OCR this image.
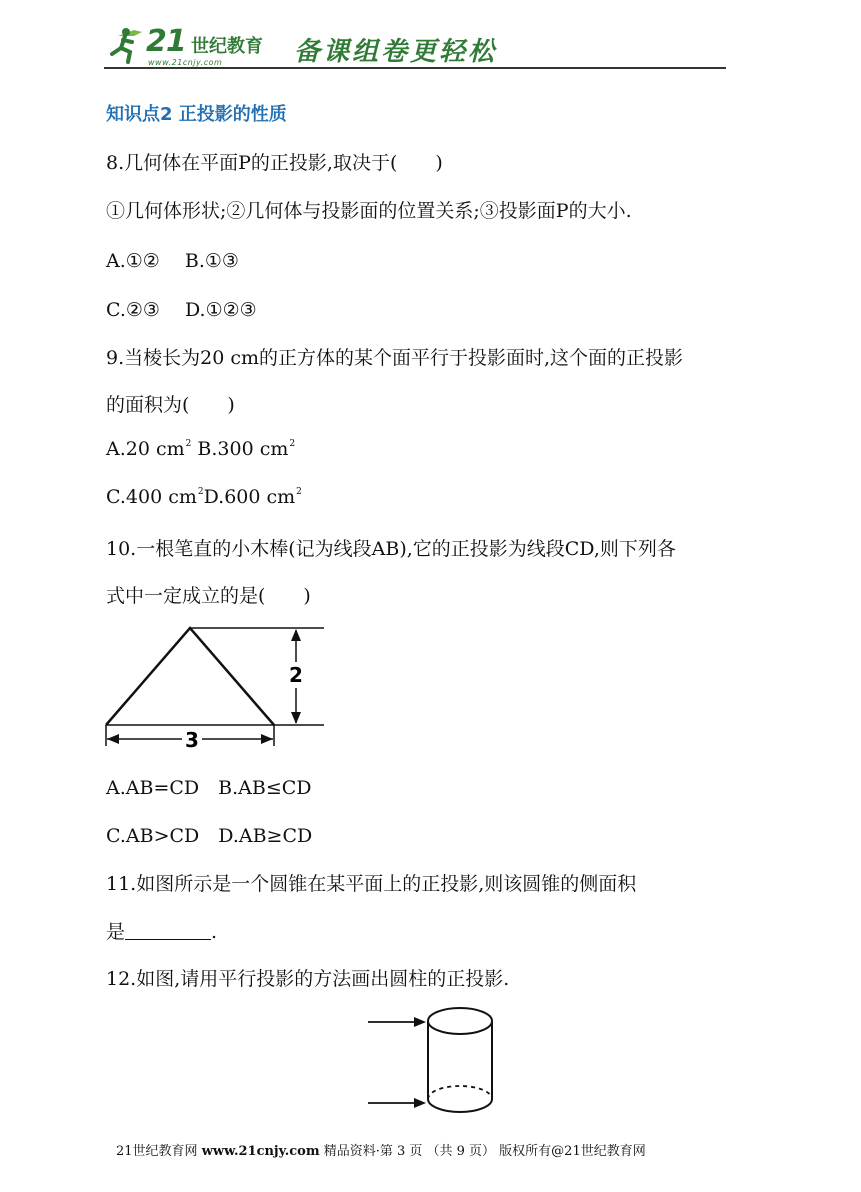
21 世纪教育
www.21cnjy.com	备课组卷更轻松
知识点2 正投影的性质
8.几何体在平面P的正投影,取决于(　　)
①几何体形状;②几何体与投影面的位置关系;③投影面P的大小.
A.①②　 B.①③
C.②③　 D.①②③
9.当棱长为20 cm的正方体的某个面平行于投影面时,这个面的正投影
的面积为(　　)
A.20 $cm^2$ B.300 $cm^2$
C.400 $cm^2D.600$ $cm^2$
10.一根笔直的小木棒(记为线段AB),它的正投影为线段CD,则下列各
式中一定成立的是(　　)
2
3
A.AB=CD　B.AB≤CD
C.AB>CD　D.AB≥CD
11.如图所示是一个圆锥在某平面上的正投影,则该圆锥的侧面积
是	.
12.如图,请用平行投影的方法画出圆柱的正投影.
21世纪教育网 www.21cnjy.com 精品资料·第 3 页 （共 9 页） 版权所有@21世纪教育网
